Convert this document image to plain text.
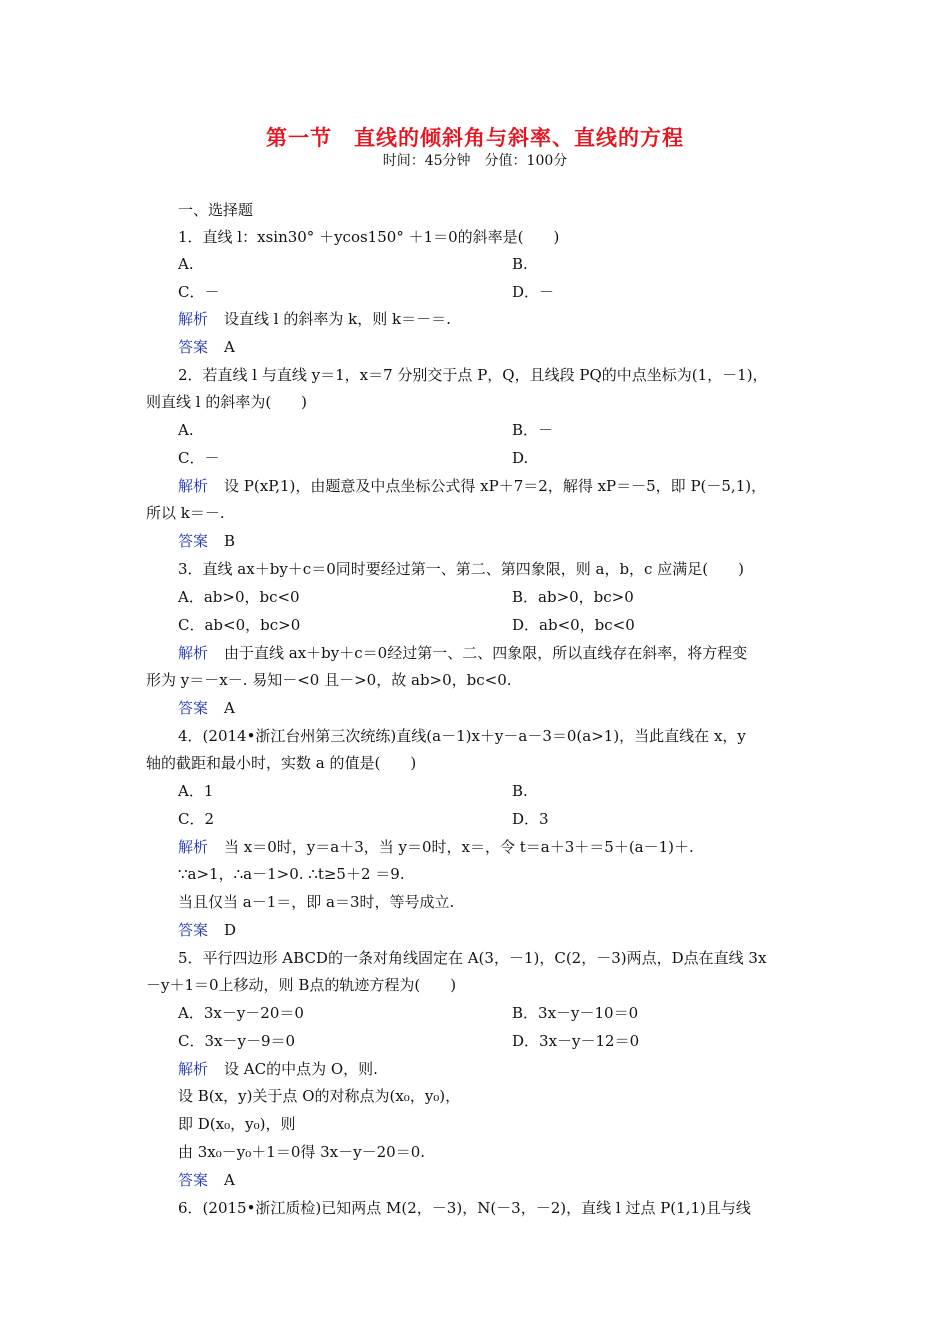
第一节　直线的倾斜角与斜率、直线的方程
时间：45分钟　分值：100分
一、选择题
1．直线 l：xsin30° ＋ycos150° ＋1＝0的斜率是(　　)
A.	B.
C．－	D．－
解析 设直线 l 的斜率为 k，则 k＝－＝.
答案 A
2．若直线 l 与直线 y＝1，x＝7 分别交于点 P，Q，且线段 PQ的中点坐标为(1，－1)，
则直线 l 的斜率为(　　)
A.	B．－
C．－	D.
解析 设 P(xP,1)，由题意及中点坐标公式得 xP＋7＝2，解得 xP＝－5，即 P(－5,1)，
所以 k＝－.
答案 B
3．直线 ax＋by＋c＝0同时要经过第一、第二、第四象限，则 a，b，c 应满足(　　)
A．ab>0，bc<0	B．ab>0，bc>0
C．ab<0，bc>0	D．ab<0，bc<0
解析 由于直线 ax＋by＋c＝0经过第一、二、四象限，所以直线存在斜率，将方程变
形为 y＝－x－. 易知－<0 且－>0，故 ab>0，bc<0.
答案 A
4．(2014•浙江台州第三次统练)直线(a－1)x＋y－a－3＝0(a>1)，当此直线在 x，y
轴的截距和最小时，实数 a 的值是(　　)
A．1	B.
C．2	D．3
解析 当 x＝0时，y＝a＋3，当 y＝0时，x＝，令 t＝a＋3＋＝5＋(a－1)＋.
∵a>1，∴a－1>0. ∴t≥5＋2 ＝9.
当且仅当 a－1＝，即 a＝3时，等号成立.
答案 D
5．平行四边形 ABCD的一条对角线固定在 A(3，－1)，C(2，－3)两点，D点在直线 3x
－y＋1＝0上移动，则 B点的轨迹方程为(　　)
A．3x－y－20＝0	B．3x－y－10＝0
C．3x－y－9＝0	D．3x－y－12＝0
解析 设 AC的中点为 O，则.
设 B(x，y)关于点 O的对称点为(x₀，y₀)，
即 D(x₀，y₀)，则
由 3x₀－y₀＋1＝0得 3x－y－20＝0.
答案 A
6．(2015•浙江质检)已知两点 M(2，－3)，N(－3，－2)，直线 l 过点 P(1,1)且与线
